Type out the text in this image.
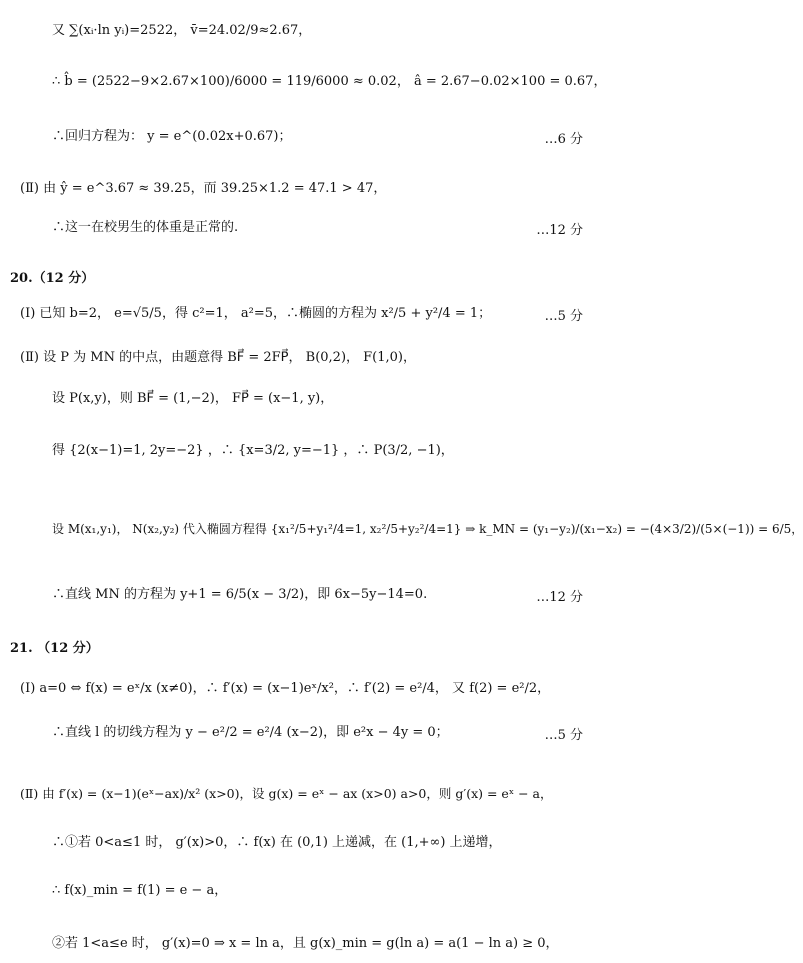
又 ∑(xᵢ·ln yᵢ)=2522， v̄=24.02/9≈2.67，
∴ b̂ = (2522−9×2.67×100)/6000 = 119/6000 ≈ 0.02， â = 2.67−0.02×100 = 0.67，
∴回归方程为： y = e^(0.02x+0.67)；	…6 分
(Ⅱ) 由 ŷ = e^3.67 ≈ 39.25，而 39.25×1.2 = 47.1 > 47，
∴这一在校男生的体重是正常的.	…12 分
20.（12 分）
(Ⅰ) 已知 b=2， e=√5/5，得 c²=1， a²=5，∴椭圆的方程为 x²/5 + y²/4 = 1；	…5 分
(Ⅱ) 设 P 为 MN 的中点，由题意得 BF⃗ = 2FP⃗， B(0,2)， F(1,0)，
设 P(x,y)，则 BF⃗ = (1,−2)， FP⃗ = (x−1, y)，
得 {2(x−1)=1, 2y=−2} ，∴ {x=3/2, y=−1} ，∴ P(3/2, −1)，
设 M(x₁,y₁)， N(x₂,y₂) 代入椭圆方程得 {x₁²/5+y₁²/4=1, x₂²/5+y₂²/4=1} ⇒ k_MN = (y₁−y₂)/(x₁−x₂) = −(4×3/2)/(5×(−1)) = 6/5，
∴直线 MN 的方程为 y+1 = 6/5(x − 3/2)，即 6x−5y−14=0.	…12 分
21. （12 分）
(Ⅰ) a=0 ⇔ f(x) = eˣ/x (x≠0)，∴ f′(x) = (x−1)eˣ/x²，∴ f′(2) = e²/4， 又 f(2) = e²/2，
∴直线 l 的切线方程为 y − e²/2 = e²/4 (x−2)，即 e²x − 4y = 0；	…5 分
(Ⅱ) 由 f′(x) = (x−1)(eˣ−ax)/x² (x>0)，设 g(x) = eˣ − ax (x>0) a>0，则 g′(x) = eˣ − a，
∴①若 0<a≤1 时， g′(x)>0，∴ f(x) 在 (0,1) 上递减，在 (1,+∞) 上递增，
∴ f(x)_min = f(1) = e − a，
②若 1<a≤e 时， g′(x)=0 ⇒ x = ln a，且 g(x)_min = g(ln a) = a(1 − ln a) ≥ 0，
